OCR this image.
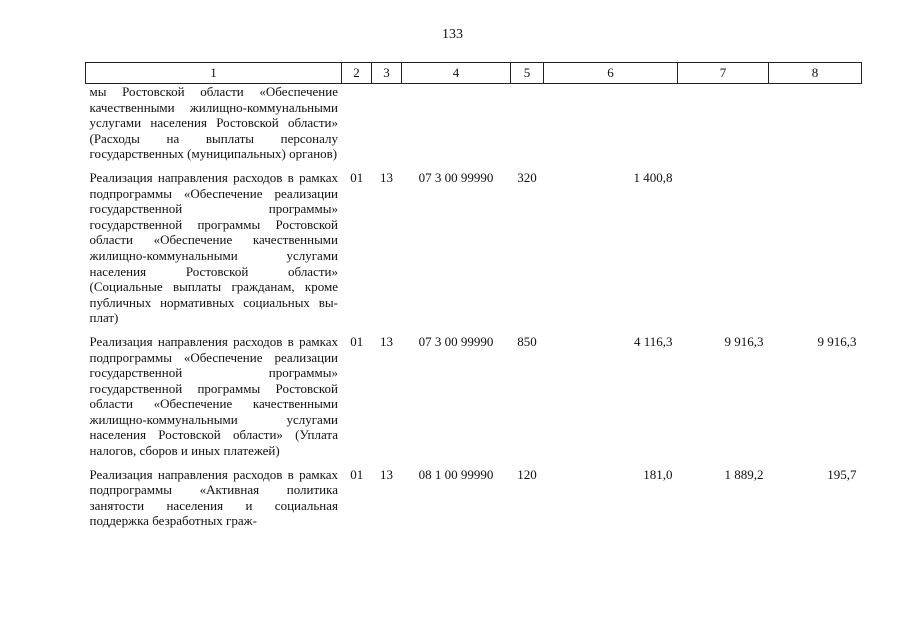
133
1	2	3	4	5	6	7	8
мы Ростовской области «Обеспечение качественными жилищно-коммунальными услугами населения Ростовской области» (Расходы на выплаты персоналу государственных (муниципальных) органов)							
Реализация направления расходов в рамках подпрограммы «Обеспечение реализации государственной программы» государственной программы Ростовской области «Обеспечение качественными жилищно-коммунальными услугами населения Ростовской области» (Социальные выплаты гражданам, кроме публичных нормативных социальных выплат)	01	13	07 3 00 99990	320	1 400,8		
Реализация направления расходов в рамках подпрограммы «Обеспечение реализации государственной программы» государственной программы Ростовской области «Обеспечение качественными жилищно-коммунальными услугами населения Ростовской области» (Уплата налогов, сборов и иных платежей)	01	13	07 3 00 99990	850	4 116,3	9 916,3	9 916,3
Реализация направления расходов в рамках подпрограммы «Активная политика занятости населения и социальная поддержка безработных граж-	01	13	08 1 00 99990	120	181,0	1 889,2	195,7
